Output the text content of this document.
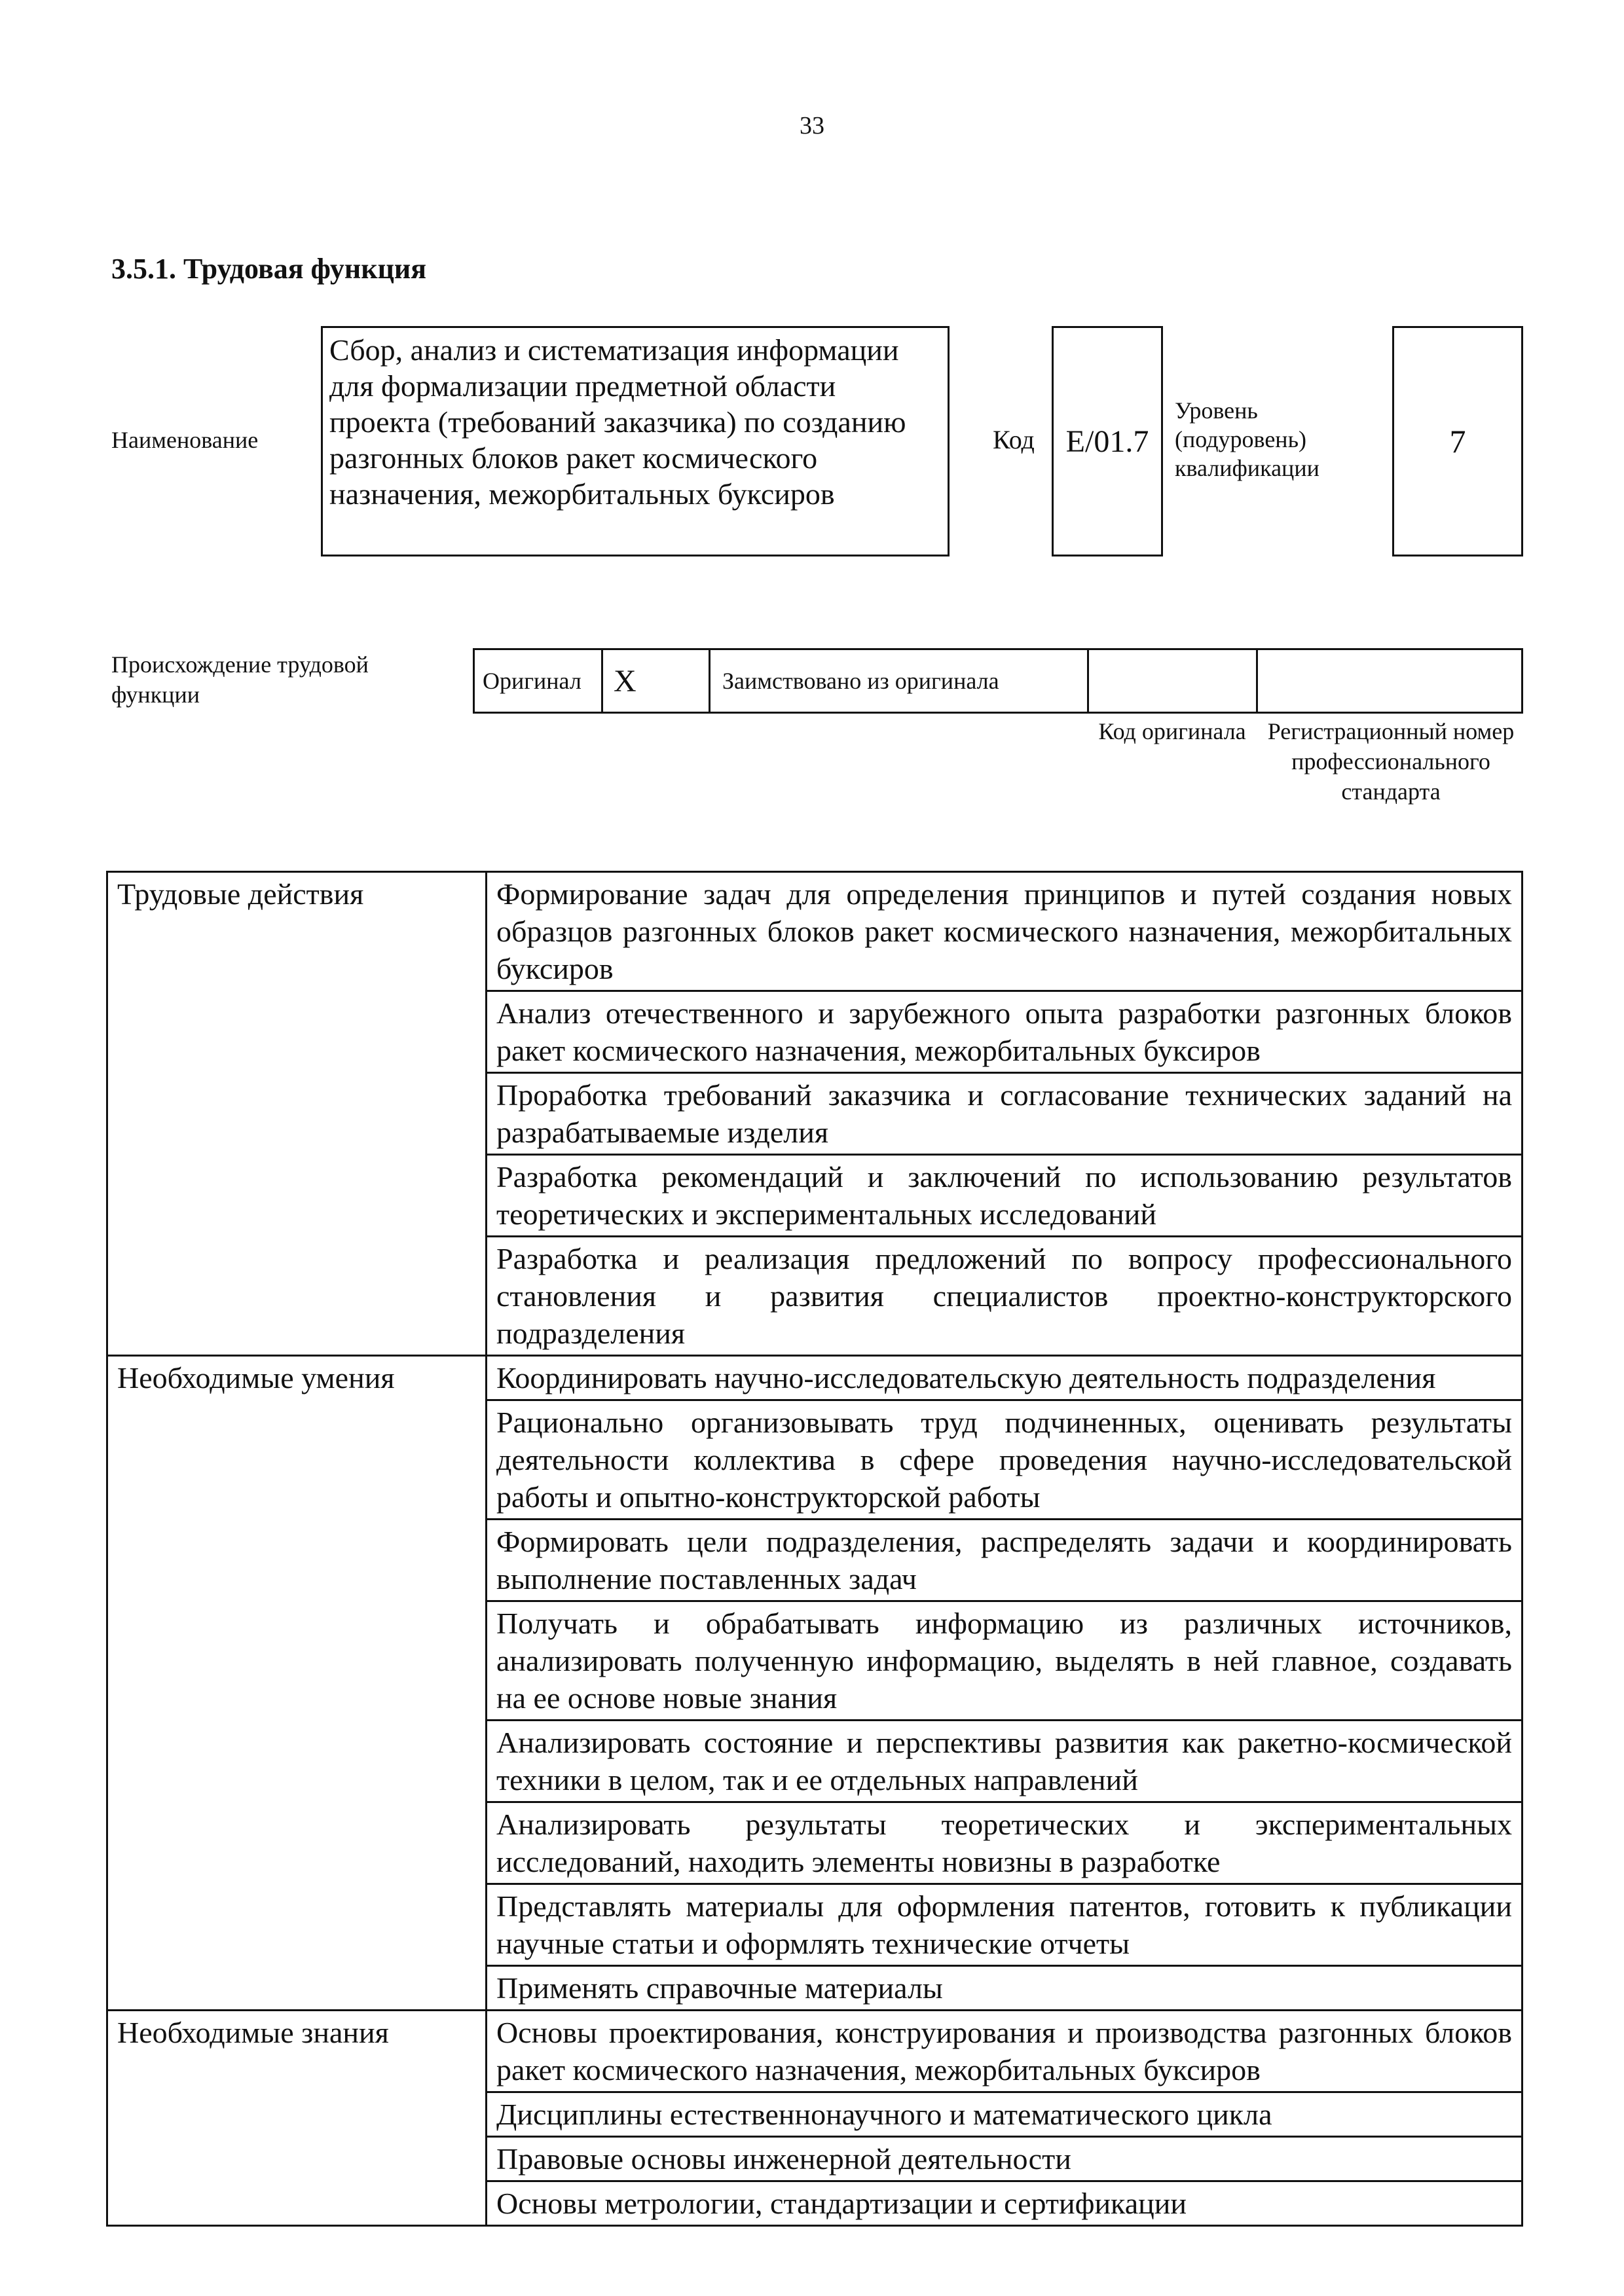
33
3.5.1. Трудовая функция
Наименование
Сбор, анализ и систематизация информации для формализации предметной области проекта (требований заказчика) по созданию разгонных блоков ракет космического назначения, межорбитальных буксиров
Код E/01.7
Уровень (подуровень) квалификации
7
Происхождение трудовой функции
Оригинал	X	Заимствовано из оригинала
Код оригинала Регистрационный номер профессионального стандарта
Трудовые действия	Формирование задач для определения принципов и путей создания новых образцов разгонных блоков ракет космического назначения, межорбитальных буксиров
	Анализ отечественного и зарубежного опыта разработки разгонных блоков ракет космического назначения, межорбитальных буксиров
	Проработка требований заказчика и согласование технических заданий на разрабатываемые изделия
	Разработка рекомендаций и заключений по использованию результатов теоретических и экспериментальных исследований
	Разработка и реализация предложений по вопросу профессионального становления и развития специалистов проектно-конструкторского подразделения
Необходимые умения	Координировать научно-исследовательскую деятельность подразделения
	Рационально организовывать труд подчиненных, оценивать результаты деятельности коллектива в сфере проведения научно-исследовательской работы и опытно-конструкторской работы
	Формировать цели подразделения, распределять задачи и координировать выполнение поставленных задач
	Получать и обрабатывать информацию из различных источников, анализировать полученную информацию, выделять в ней главное, создавать на ее основе новые знания
	Анализировать состояние и перспективы развития как ракетно-космической техники в целом, так и ее отдельных направлений
	Анализировать результаты теоретических и экспериментальных исследований, находить элементы новизны в разработке
	Представлять материалы для оформления патентов, готовить к публикации научные статьи и оформлять технические отчеты
	Применять справочные материалы
Необходимые знания	Основы проектирования, конструирования и производства разгонных блоков ракет космического назначения, межорбитальных буксиров
	Дисциплины естественнонаучного и математического цикла
	Правовые основы инженерной деятельности
	Основы метрологии, стандартизации и сертификации
